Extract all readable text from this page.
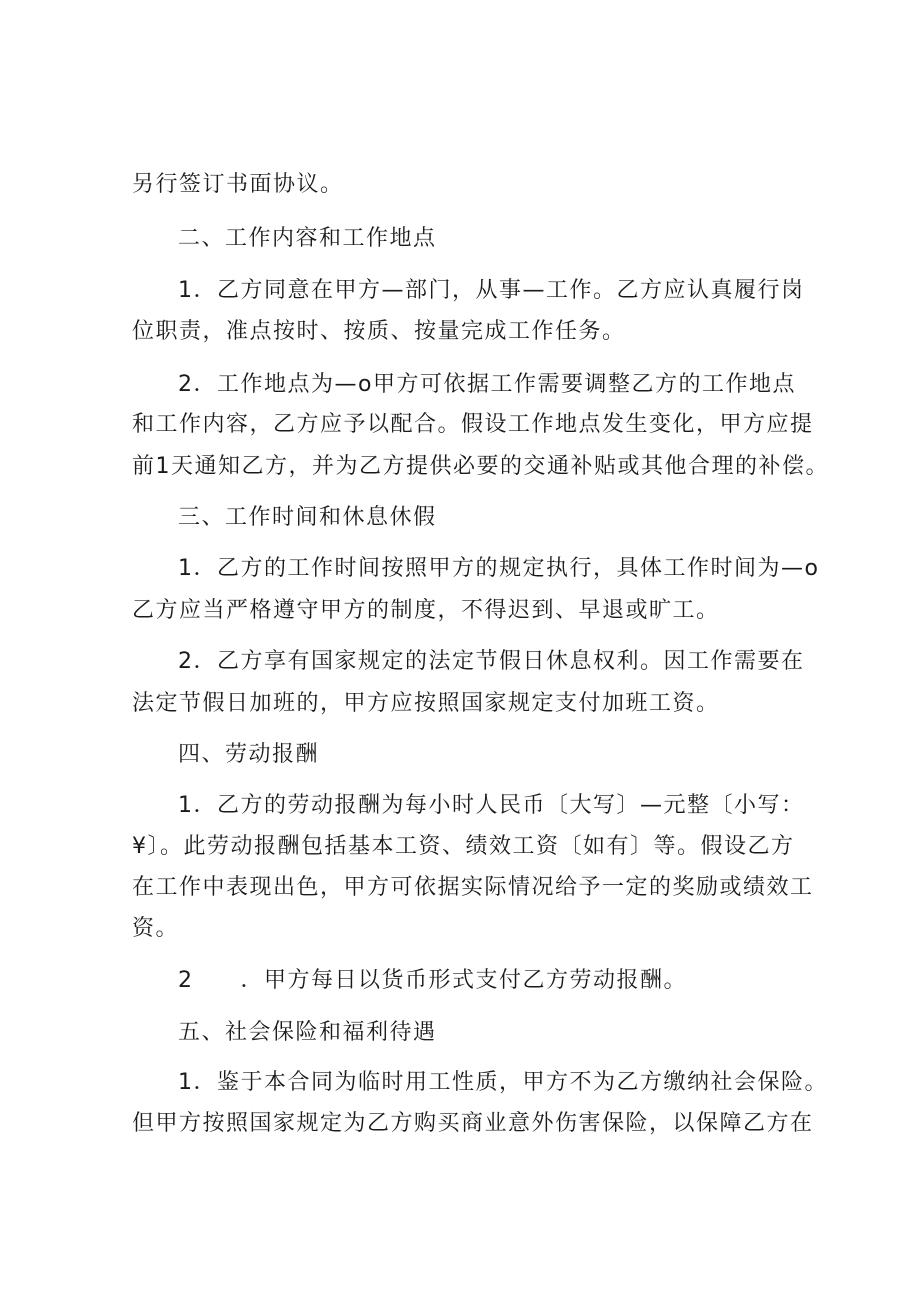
另行签订书面协议。
二、工作内容和工作地点
1．乙方同意在甲方—部门，从事—工作。乙方应认真履行岗
位职责，准点按时、按质、按量完成工作任务。
2．工作地点为—o甲方可依据工作需要调整乙方的工作地点
和工作内容，乙方应予以配合。假设工作地点发生变化，甲方应提
前1天通知乙方，并为乙方提供必要的交通补贴或其他合理的补偿。
三、工作时间和休息休假
1．乙方的工作时间按照甲方的规定执行，具体工作时间为—o
乙方应当严格遵守甲方的制度，不得迟到、早退或旷工。
2．乙方享有国家规定的法定节假日休息权利。因工作需要在
法定节假日加班的，甲方应按照国家规定支付加班工资。
四、劳动报酬
1．乙方的劳动报酬为每小时人民币〔大写〕—元整〔小写：
¥〕。此劳动报酬包括基本工资、绩效工资〔如有〕等。假设乙方
在工作中表现出色，甲方可依据实际情况给予一定的奖励或绩效工
资。
2　　．甲方每日以货币形式支付乙方劳动报酬。
五、社会保险和福利待遇
1．鉴于本合同为临时用工性质，甲方不为乙方缴纳社会保险。
但甲方按照国家规定为乙方购买商业意外伤害保险，以保障乙方在
